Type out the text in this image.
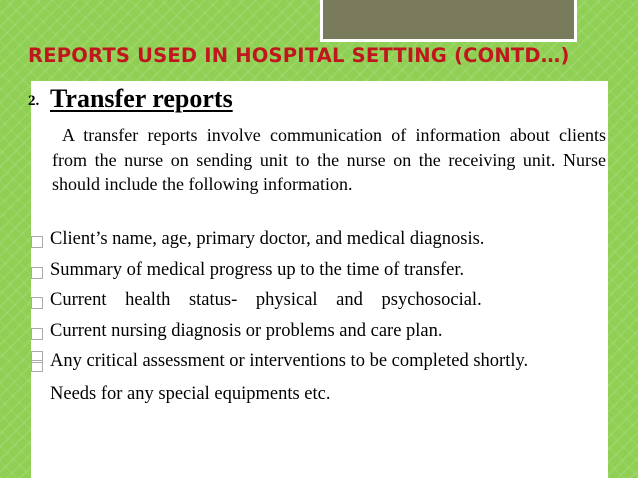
REPORTS USED IN HOSPITAL SETTING (CONTD…)
2. Transfer reports
A transfer reports involve communication of information about clients from the nurse on sending unit to the nurse on the receiving unit. Nurse should include the following information.
Client’s name, age, primary doctor, and medical diagnosis.
Summary of medical progress up to the time of transfer.
Current health status- physical and psychosocial.
Current nursing diagnosis or problems and care plan.
Any critical assessment or interventions to be completed shortly.
Needs for any special equipments etc.
